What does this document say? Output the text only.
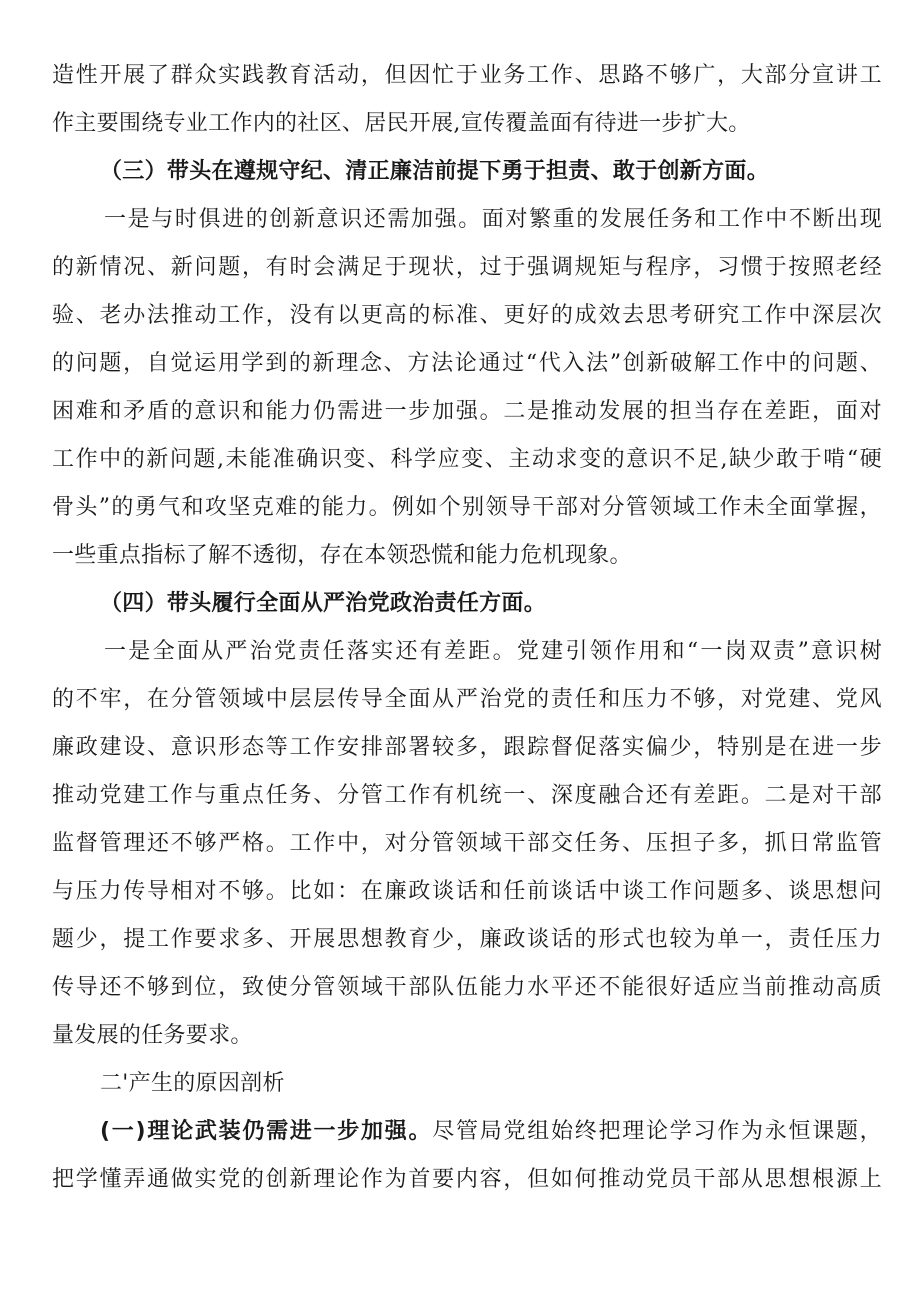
造性开展了群众实践教育活动，但因忙于业务工作、思路不够广，大部分宣讲工
作主要围绕专业工作内的社区、居民开展,宣传覆盖面有待进一步扩大。
（三）带头在遵规守纪、清正廉洁前提下勇于担责、敢于创新方面。
一是与时俱进的创新意识还需加强。面对繁重的发展任务和工作中不断出现
的新情况、新问题，有时会满足于现状，过于强调规矩与程序，习惯于按照老经
验、老办法推动工作，没有以更高的标准、更好的成效去思考研究工作中深层次
的问题，自觉运用学到的新理念、方法论通过“代入法”创新破解工作中的问题、
困难和矛盾的意识和能力仍需进一步加强。二是推动发展的担当存在差距，面对
工作中的新问题,未能准确识变、科学应变、主动求变的意识不足,缺少敢于啃“硬
骨头”的勇气和攻坚克难的能力。例如个别领导干部对分管领域工作未全面掌握，
一些重点指标了解不透彻，存在本领恐慌和能力危机现象。
（四）带头履行全面从严治党政治责任方面。
一是全面从严治党责任落实还有差距。党建引领作用和“一岗双责”意识树
的不牢，在分管领域中层层传导全面从严治党的责任和压力不够，对党建、党风
廉政建设、意识形态等工作安排部署较多，跟踪督促落实偏少，特别是在进一步
推动党建工作与重点任务、分管工作有机统一、深度融合还有差距。二是对干部
监督管理还不够严格。工作中，对分管领域干部交任务、压担子多，抓日常监管
与压力传导相对不够。比如：在廉政谈话和任前谈话中谈工作问题多、谈思想问
题少，提工作要求多、开展思想教育少，廉政谈话的形式也较为单一，责任压力
传导还不够到位，致使分管领域干部队伍能力水平还不能很好适应当前推动高质
量发展的任务要求。
二'产生的原因剖析
(一)理论武装仍需进一步加强。尽管局党组始终把理论学习作为永恒课题，
把学懂弄通做实党的创新理论作为首要内容，但如何推动党员干部从思想根源上
